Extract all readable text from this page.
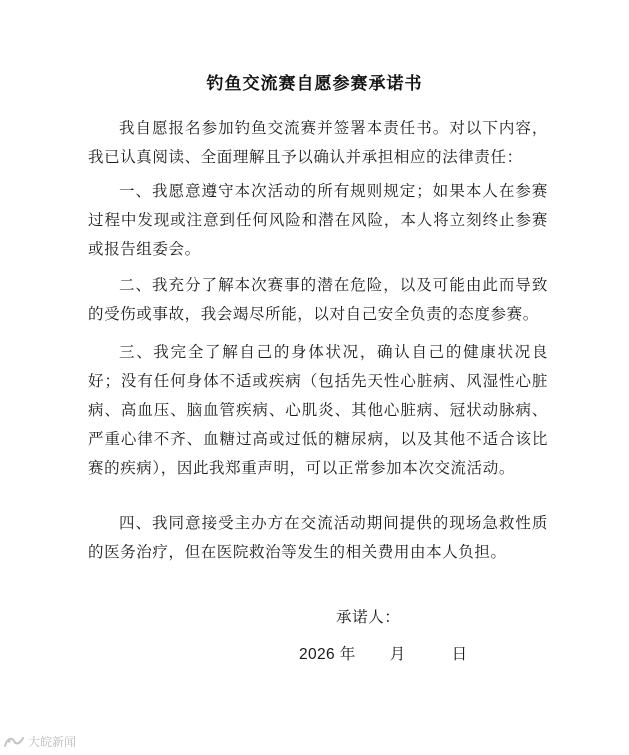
钓鱼交流赛自愿参赛承诺书
我自愿报名参加钓鱼交流赛并签署本责任书。对以下内容，我已认真阅读、全面理解且予以确认并承担相应的法律责任：
一、我愿意遵守本次活动的所有规则规定；如果本人在参赛过程中发现或注意到任何风险和潜在风险，本人将立刻终止参赛或报告组委会。
二、我充分了解本次赛事的潜在危险，以及可能由此而导致的受伤或事故，我会竭尽所能，以对自己安全负责的态度参赛。
三、我完全了解自己的身体状况，确认自己的健康状况良好；没有任何身体不适或疾病（包括先天性心脏病、风湿性心脏病、高血压、脑血管疾病、心肌炎、其他心脏病、冠状动脉病、严重心律不齐、血糖过高或过低的糖尿病，以及其他不适合该比赛的疾病），因此我郑重声明，可以正常参加本次交流活动。
四、我同意接受主办方在交流活动期间提供的现场急救性质的医务治疗，但在医院救治等发生的相关费用由本人负担。
承诺人：
2026 年 月	日
大皖新闻
